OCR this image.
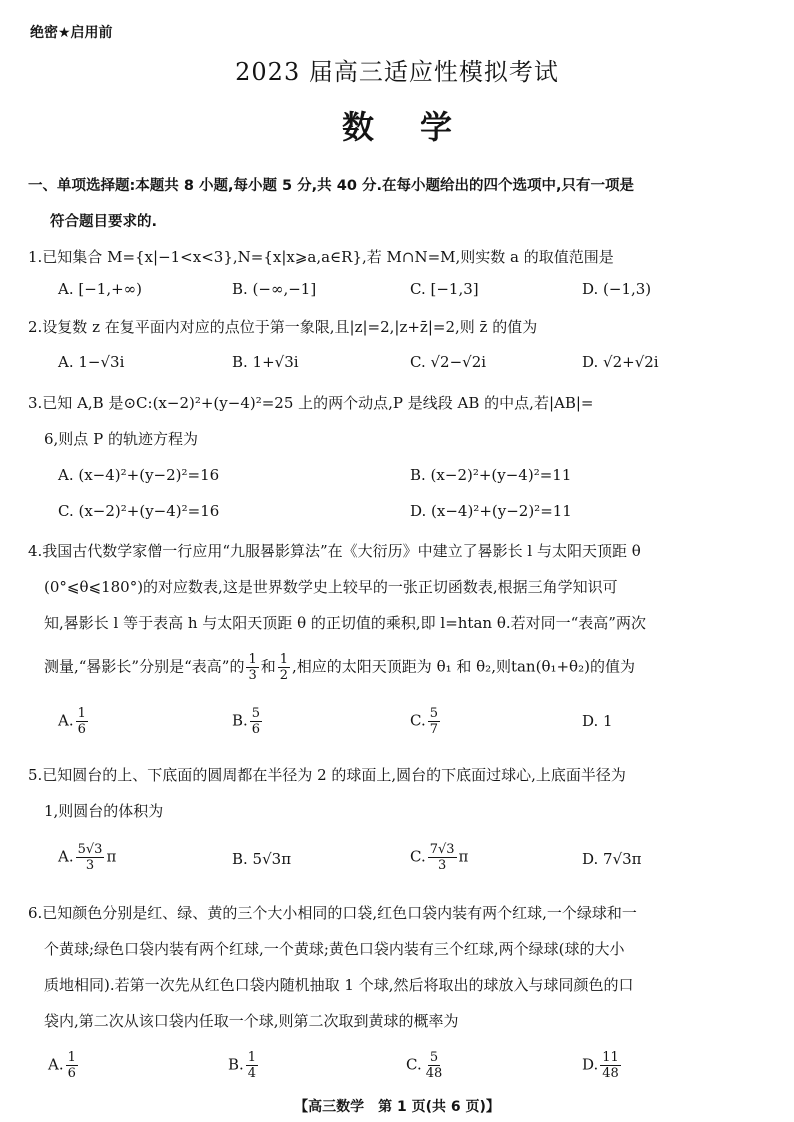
绝密★启用前
2023 届高三适应性模拟考试
数学
一、单项选择题:本题共 8 小题,每小题 5 分,共 40 分.在每小题给出的四个选项中,只有一项是
符合题目要求的.
1.已知集合 M={x|−1<x<3},N={x|x⩾a,a∈R},若 M∩N=M,则实数 a 的取值范围是
A. [−1,+∞)	B. (−∞,−1]	C. [−1,3]	D. (−1,3)
2.设复数 z 在复平面内对应的点位于第一象限,且|z|=2,|z+z̄|=2,则 z̄ 的值为
A. 1−√3i	B. 1+√3i	C. √2−√2i	D. √2+√2i
3.已知 A,B 是⊙C:(x−2)²+(y−4)²=25 上的两个动点,P 是线段 AB 的中点,若|AB|=
6,则点 P 的轨迹方程为
A. (x−4)²+(y−2)²=16	B. (x−2)²+(y−4)²=11
C. (x−2)²+(y−4)²=16	D. (x−4)²+(y−2)²=11
4.我国古代数学家僧一行应用“九服晷影算法”在《大衍历》中建立了晷影长 l 与太阳天顶距 θ
(0°⩽θ⩽180°)的对应数表,这是世界数学史上较早的一张正切函数表,根据三角学知识可
知,晷影长 l 等于表高 h 与太阳天顶距 θ 的正切值的乘积,即 l=htan θ.若对同一“表高”两次
测量,“晷影长”分别是“表高”的 $\frac{1}{3}$ 和 $\frac{1}{2}$ ,相应的太阳天顶距为 θ₁ 和 θ₂,则tan(θ₁+θ₂)的值为
A. $\frac{1}{6}$	B. $\frac{5}{6}$	C. $\frac{5}{7}$	D. 1
5.已知圆台的上、下底面的圆周都在半径为 2 的球面上,圆台的下底面过球心,上底面半径为
1,则圆台的体积为
A. $\frac{5√3}{3}$ π	B. 5√3π	C. $\frac{7√3}{3}$ π	D. 7√3π
6.已知颜色分别是红、绿、黄的三个大小相同的口袋,红色口袋内装有两个红球,一个绿球和一
个黄球;绿色口袋内装有两个红球,一个黄球;黄色口袋内装有三个红球,两个绿球(球的大小
质地相同).若第一次先从红色口袋内随机抽取 1 个球,然后将取出的球放入与球同颜色的口
袋内,第二次从该口袋内任取一个球,则第二次取到黄球的概率为
A. $\frac{1}{6}$	B. $\frac{1}{4}$	C. $\frac{5}{48}$	D. $\frac{11}{48}$
【高三数学　第 1 页(共 6 页)】
